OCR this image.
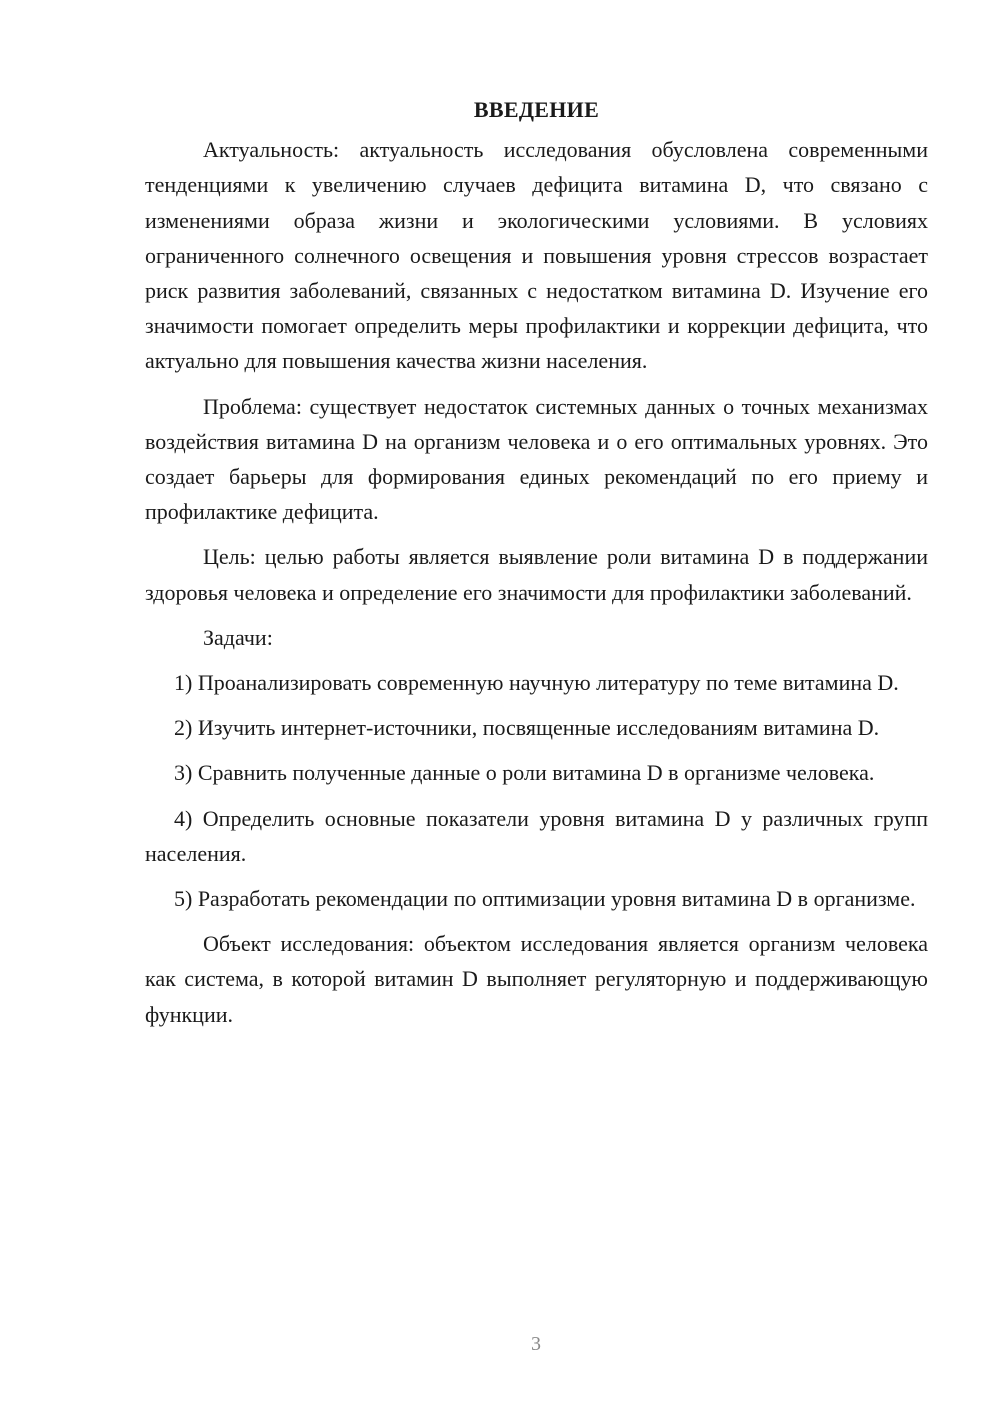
ВВЕДЕНИЕ

Актуальность: актуальность исследования обусловлена современными тенденциями к увеличению случаев дефицита витамина D, что связано с изменениями образа жизни и экологическими условиями. В условиях ограниченного солнечного освещения и повышения уровня стрессов возрастает риск развития заболеваний, связанных с недостатком витамина D. Изучение его значимости помогает определить меры профилактики и коррекции дефицита, что актуально для повышения качества жизни населения.

Проблема: существует недостаток системных данных о точных механизмах воздействия витамина D на организм человека и о его оптимальных уровнях. Это создает барьеры для формирования единых рекомендаций по его приему и профилактике дефицита.

Цель: целью работы является выявление роли витамина D в поддержании здоровья человека и определение его значимости для профилактики заболеваний.

Задачи:

1) Проанализировать современную научную литературу по теме витамина D.

2) Изучить интернет-источники, посвященные исследованиям витамина D.

3) Сравнить полученные данные о роли витамина D в организме человека.

4) Определить основные показатели уровня витамина D у различных групп населения.

5) Разработать рекомендации по оптимизации уровня витамина D в организме.

Объект исследования: объектом исследования является организм человека как система, в которой витамин D выполняет регуляторную и поддерживающую функции.

3
